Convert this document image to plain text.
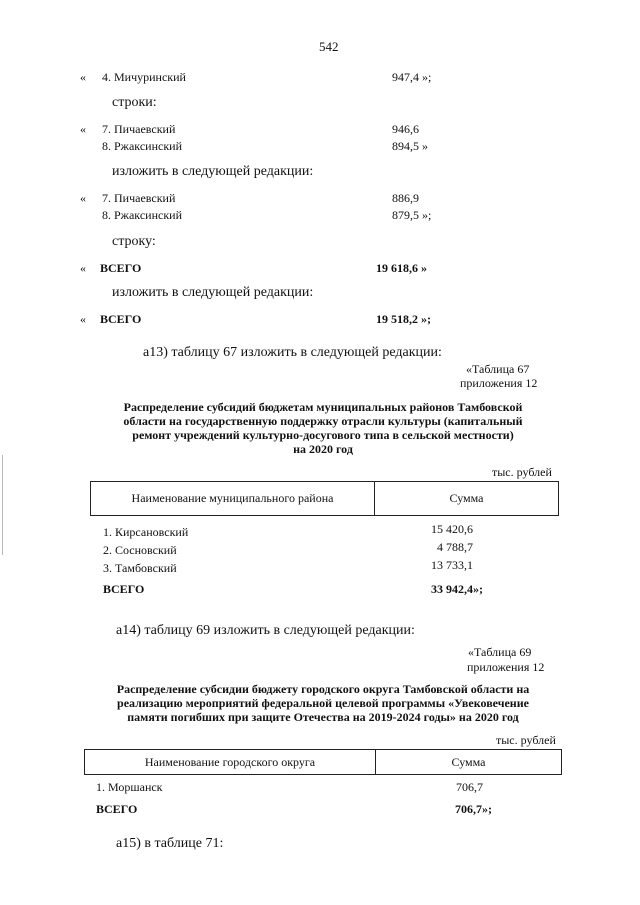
542
« 4. Мичуринский	947,4 »;
строки:
« 7. Пичаевский	946,6
8. Ржаксинский	894,5 »
изложить в следующей редакции:
« 7. Пичаевский	886,9
8. Ржаксинский	879,5 »;
строку:
« ВСЕГО	19 618,6 »
изложить в следующей редакции:
« ВСЕГО	19 518,2 »;
а13) таблицу 67 изложить в следующей редакции:
«Таблица 67
приложения 12
Распределение субсидий бюджетам муниципальных районов Тамбовской
области на государственную поддержку отрасли культуры (капитальный
ремонт учреждений культурно-досугового типа в сельской местности)
на 2020 год
тыс. рублей
Наименование муниципального района	Сумма
1. Кирсановский	15 420,6
2. Сосновский	4 788,7
3. Тамбовский	13 733,1
ВСЕГО	33 942,4»;
а14) таблицу 69 изложить в следующей редакции:
«Таблица 69
приложения 12
Распределение субсидии бюджету городского округа Тамбовской области на
реализацию мероприятий федеральной целевой программы «Увековечение
памяти погибших при защите Отечества на 2019-2024 годы» на 2020 год
тыс. рублей
Наименование городского округа	Сумма
1. Моршанск	706,7
ВСЕГО	706,7»;
а15) в таблице 71:
